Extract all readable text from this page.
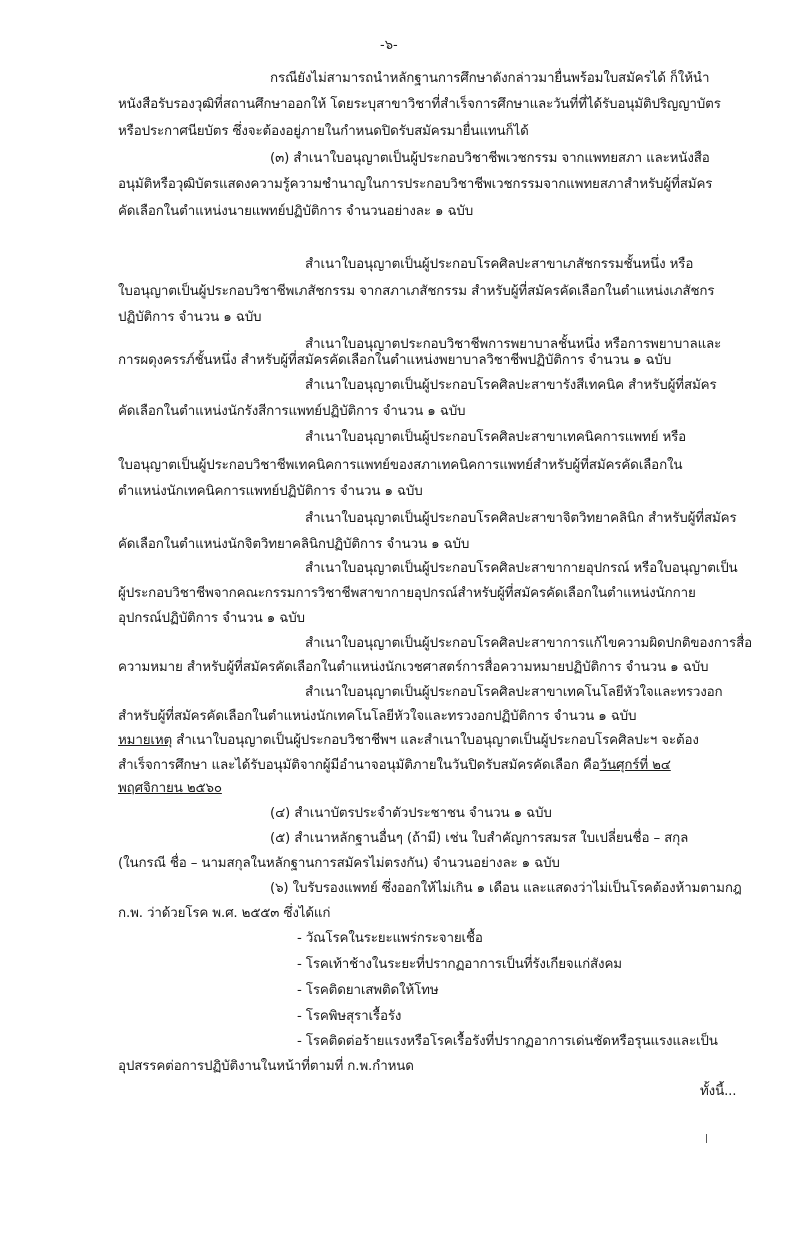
-๖-
กรณียังไม่สามารถนำหลักฐานการศึกษาดังกล่าวมายื่นพร้อมใบสมัครได้ ก็ให้นำ
หนังสือรับรองวุฒิที่สถานศึกษาออกให้ โดยระบุสาขาวิชาที่สำเร็จการศึกษาและวันที่ที่ได้รับอนุมัติปริญญาบัตร
หรือประกาศนียบัตร ซึ่งจะต้องอยู่ภายในกำหนดปิดรับสมัครมายื่นแทนก็ได้
(๓) สำเนาใบอนุญาตเป็นผู้ประกอบวิชาชีพเวชกรรม จากแพทยสภา และหนังสือ
อนุมัติหรือวุฒิบัตรแสดงความรู้ความชำนาญในการประกอบวิชาชีพเวชกรรมจากแพทยสภาสำหรับผู้ที่สมัคร
คัดเลือกในตำแหน่งนายแพทย์ปฏิบัติการ จำนวนอย่างละ ๑ ฉบับ
สำเนาใบอนุญาตเป็นผู้ประกอบโรคศิลปะสาขาเภสัชกรรมชั้นหนึ่ง หรือ
ใบอนุญาตเป็นผู้ประกอบวิชาชีพเภสัชกรรม จากสภาเภสัชกรรม สำหรับผู้ที่สมัครคัดเลือกในตำแหน่งเภสัชกร
ปฏิบัติการ จำนวน ๑ ฉบับ
สำเนาใบอนุญาตประกอบวิชาชีพการพยาบาลชั้นหนึ่ง หรือการพยาบาลและ
การผดุงครรภ์ชั้นหนึ่ง สำหรับผู้ที่สมัครคัดเลือกในตำแหน่งพยาบาลวิชาชีพปฏิบัติการ จำนวน ๑ ฉบับ
สำเนาใบอนุญาตเป็นผู้ประกอบโรคศิลปะสาขารังสีเทคนิค สำหรับผู้ที่สมัคร
คัดเลือกในตำแหน่งนักรังสีการแพทย์ปฏิบัติการ จำนวน ๑ ฉบับ
สำเนาใบอนุญาตเป็นผู้ประกอบโรคศิลปะสาขาเทคนิคการแพทย์ หรือ
ใบอนุญาตเป็นผู้ประกอบวิชาชีพเทคนิคการแพทย์ของสภาเทคนิคการแพทย์สำหรับผู้ที่สมัครคัดเลือกใน
ตำแหน่งนักเทคนิคการแพทย์ปฏิบัติการ จำนวน ๑ ฉบับ
สำเนาใบอนุญาตเป็นผู้ประกอบโรคศิลปะสาขาจิตวิทยาคลินิก สำหรับผู้ที่สมัคร
คัดเลือกในตำแหน่งนักจิตวิทยาคลินิกปฏิบัติการ จำนวน ๑ ฉบับ
สำเนาใบอนุญาตเป็นผู้ประกอบโรคศิลปะสาขากายอุปกรณ์ หรือใบอนุญาตเป็น
ผู้ประกอบวิชาชีพจากคณะกรรมการวิชาชีพสาขากายอุปกรณ์สำหรับผู้ที่สมัครคัดเลือกในตำแหน่งนักกาย
อุปกรณ์ปฏิบัติการ จำนวน ๑ ฉบับ
สำเนาใบอนุญาตเป็นผู้ประกอบโรคศิลปะสาขาการแก้ไขความผิดปกติของการสื่อ
ความหมาย สำหรับผู้ที่สมัครคัดเลือกในตำแหน่งนักเวชศาสตร์การสื่อความหมายปฏิบัติการ จำนวน ๑ ฉบับ
สำเนาใบอนุญาตเป็นผู้ประกอบโรคศิลปะสาขาเทคโนโลยีหัวใจและทรวงอก
สำหรับผู้ที่สมัครคัดเลือกในตำแหน่งนักเทคโนโลยีหัวใจและทรวงอกปฏิบัติการ จำนวน ๑ ฉบับ
หมายเหตุ สำเนาใบอนุญาตเป็นผู้ประกอบวิชาชีพฯ และสำเนาใบอนุญาตเป็นผู้ประกอบโรคศิลปะฯ จะต้อง
สำเร็จการศึกษา และได้รับอนุมัติจากผู้มีอำนาจอนุมัติภายในวันปิดรับสมัครคัดเลือก คือวันศุกร์ที่ ๒๔
พฤศจิกายน ๒๕๖๐
(๔) สำเนาบัตรประจำตัวประชาชน จำนวน ๑ ฉบับ
(๕) สำเนาหลักฐานอื่นๆ (ถ้ามี) เช่น ใบสำคัญการสมรส ใบเปลี่ยนชื่อ – สกุล
(ในกรณี ชื่อ – นามสกุลในหลักฐานการสมัครไม่ตรงกัน) จำนวนอย่างละ ๑ ฉบับ
(๖) ใบรับรองแพทย์ ซึ่งออกให้ไม่เกิน ๑ เดือน และแสดงว่าไม่เป็นโรคต้องห้ามตามกฎ
ก.พ. ว่าด้วยโรค พ.ศ. ๒๕๕๓ ซึ่งได้แก่
- วัณโรคในระยะแพร่กระจายเชื้อ
- โรคเท้าช้างในระยะที่ปรากฏอาการเป็นที่รังเกียจแก่สังคม
- โรคติดยาเสพติดให้โทษ
- โรคพิษสุราเรื้อรัง
- โรคติดต่อร้ายแรงหรือโรคเรื้อรังที่ปรากฏอาการเด่นชัดหรือรุนแรงและเป็น
อุปสรรคต่อการปฏิบัติงานในหน้าที่ตามที่ ก.พ.กำหนด
ทั้งนี้...
